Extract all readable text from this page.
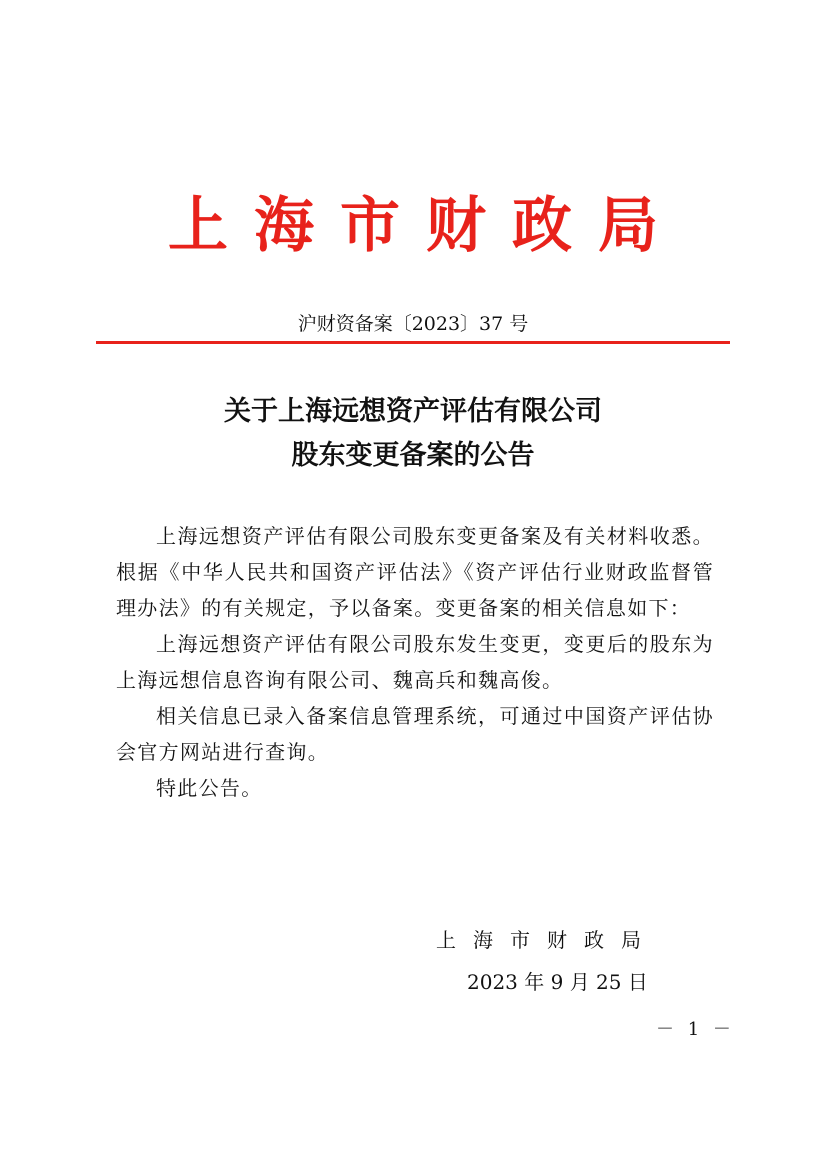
上海市财政局
沪财资备案〔2023〕37 号
关于上海远想资产评估有限公司
股东变更备案的公告

上海远想资产评估有限公司股东变更备案及有关材料收悉。根据《中华人民共和国资产评估法》《资产评估行业财政监督管理办法》的有关规定，予以备案。变更备案的相关信息如下：

上海远想资产评估有限公司股东发生变更，变更后的股东为上海远想信息咨询有限公司、魏高兵和魏高俊。

相关信息已录入备案信息管理系统，可通过中国资产评估协会官方网站进行查询。

特此公告。

上海市财政局
2023 年 9 月 25 日
－ 1 －
